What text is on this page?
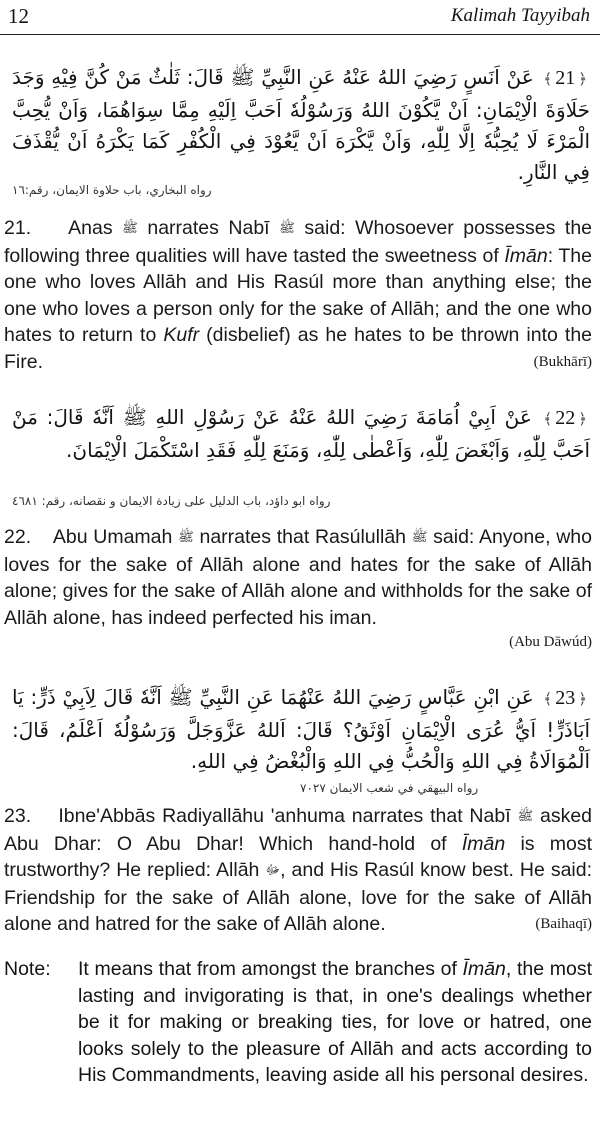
12	Kalimah Tayyibah
﴿21﴾ عَنْ اَنَسٍ رَضِيَ اللهُ عَنْهُ عَنِ النَّبِيِّ ﷺ قَالَ: ثَلٰثٌ مَنْ كُنَّ فِيْهِ وَجَدَ حَلَاوَةَ الْاِيْمَانِ: اَنْ يَّكُوْنَ اللهُ وَرَسُوْلُهٗ اَحَبَّ اِلَيْهِ مِمَّا سِوَاهُمَا، وَاَنْ يُّحِبَّ الْمَرْءَ لَا يُحِبُّهٗ اِلَّا لِلّٰهِ، وَاَنْ يَّكْرَهَ اَنْ يَّعُوْدَ فِي الْكُفْرِ كَمَا يَكْرَهُ اَنْ يُّقْذَفَ فِي النَّارِ.
رواه البخاري، باب حلاوة الايمان، رقم:١٦
21. Anas ﷺ narrates Nabī ﷺ said: Whosoever possesses the following three qualities will have tasted the sweetness of Īmān: The one who loves Allāh and His Rasúl more than anything else; the one who loves a person only for the sake of Allāh; and the one who hates to return to Kufr (disbelief) as he hates to be thrown into the Fire.	(Bukhārī)
﴿22﴾ عَنْ اَبِيْ اُمَامَةَ رَضِيَ اللهُ عَنْهُ عَنْ رَسُوْلِ اللهِ ﷺ اَنَّهٗ قَالَ: مَنْ اَحَبَّ لِلّٰهِ، وَاَبْغَضَ لِلّٰهِ، وَاَعْطٰى لِلّٰهِ، وَمَنَعَ لِلّٰهِ فَقَدِ اسْتَكْمَلَ الْاِيْمَانَ.
رواه ابو داؤد، باب الدليل على زيادة الايمان و نقصانه، رقم: ٤٦٨١
22. Abu Umamah ﷺ narrates that Rasúlullāh ﷺ said: Anyone, who loves for the sake of Allāh alone and hates for the sake of Allāh alone; gives for the sake of Allāh alone and withholds for the sake of Allāh alone, has indeed perfected his iman.
(Abu Dāwúd)
﴿23﴾ عَنِ ابْنِ عَبَّاسٍ رَضِيَ اللهُ عَنْهُمَا عَنِ النَّبِيِّ ﷺ اَنَّهٗ قَالَ لِاَبِيْ ذَرٍّ: يَا اَبَاذَرٍّ! اَيُّ عُرَى الْاِيْمَانِ اَوْثَقُ؟ قَالَ: اَللهُ عَزَّوَجَلَّ وَرَسُوْلُهٗ اَعْلَمُ، قَالَ: اَلْمُوَالَاةُ فِي اللهِ وَالْحُبُّ فِي اللهِ وَالْبُغْضُ فِي اللهِ.
رواه البيهقي في شعب الايمان ٧٠٢٧
23. Ibne'Abbās Radiyallāhu 'anhuma narrates that Nabī ﷺ asked Abu Dhar: O Abu Dhar! Which hand-hold of Īmān is most trustworthy? He replied: Allāh ﷻ, and His Rasúl know best. He said: Friendship for the sake of Allāh alone, love for the sake of Allāh alone and hatred for the sake of Allāh alone.	(Baihaqī)
Note: It means that from amongst the branches of Īmān, the most lasting and invigorating is that, in one's dealings whether be it for making or breaking ties, for love or hatred, one looks solely to the pleasure of Allāh and acts according to His Commandments, leaving aside all his personal desires.
